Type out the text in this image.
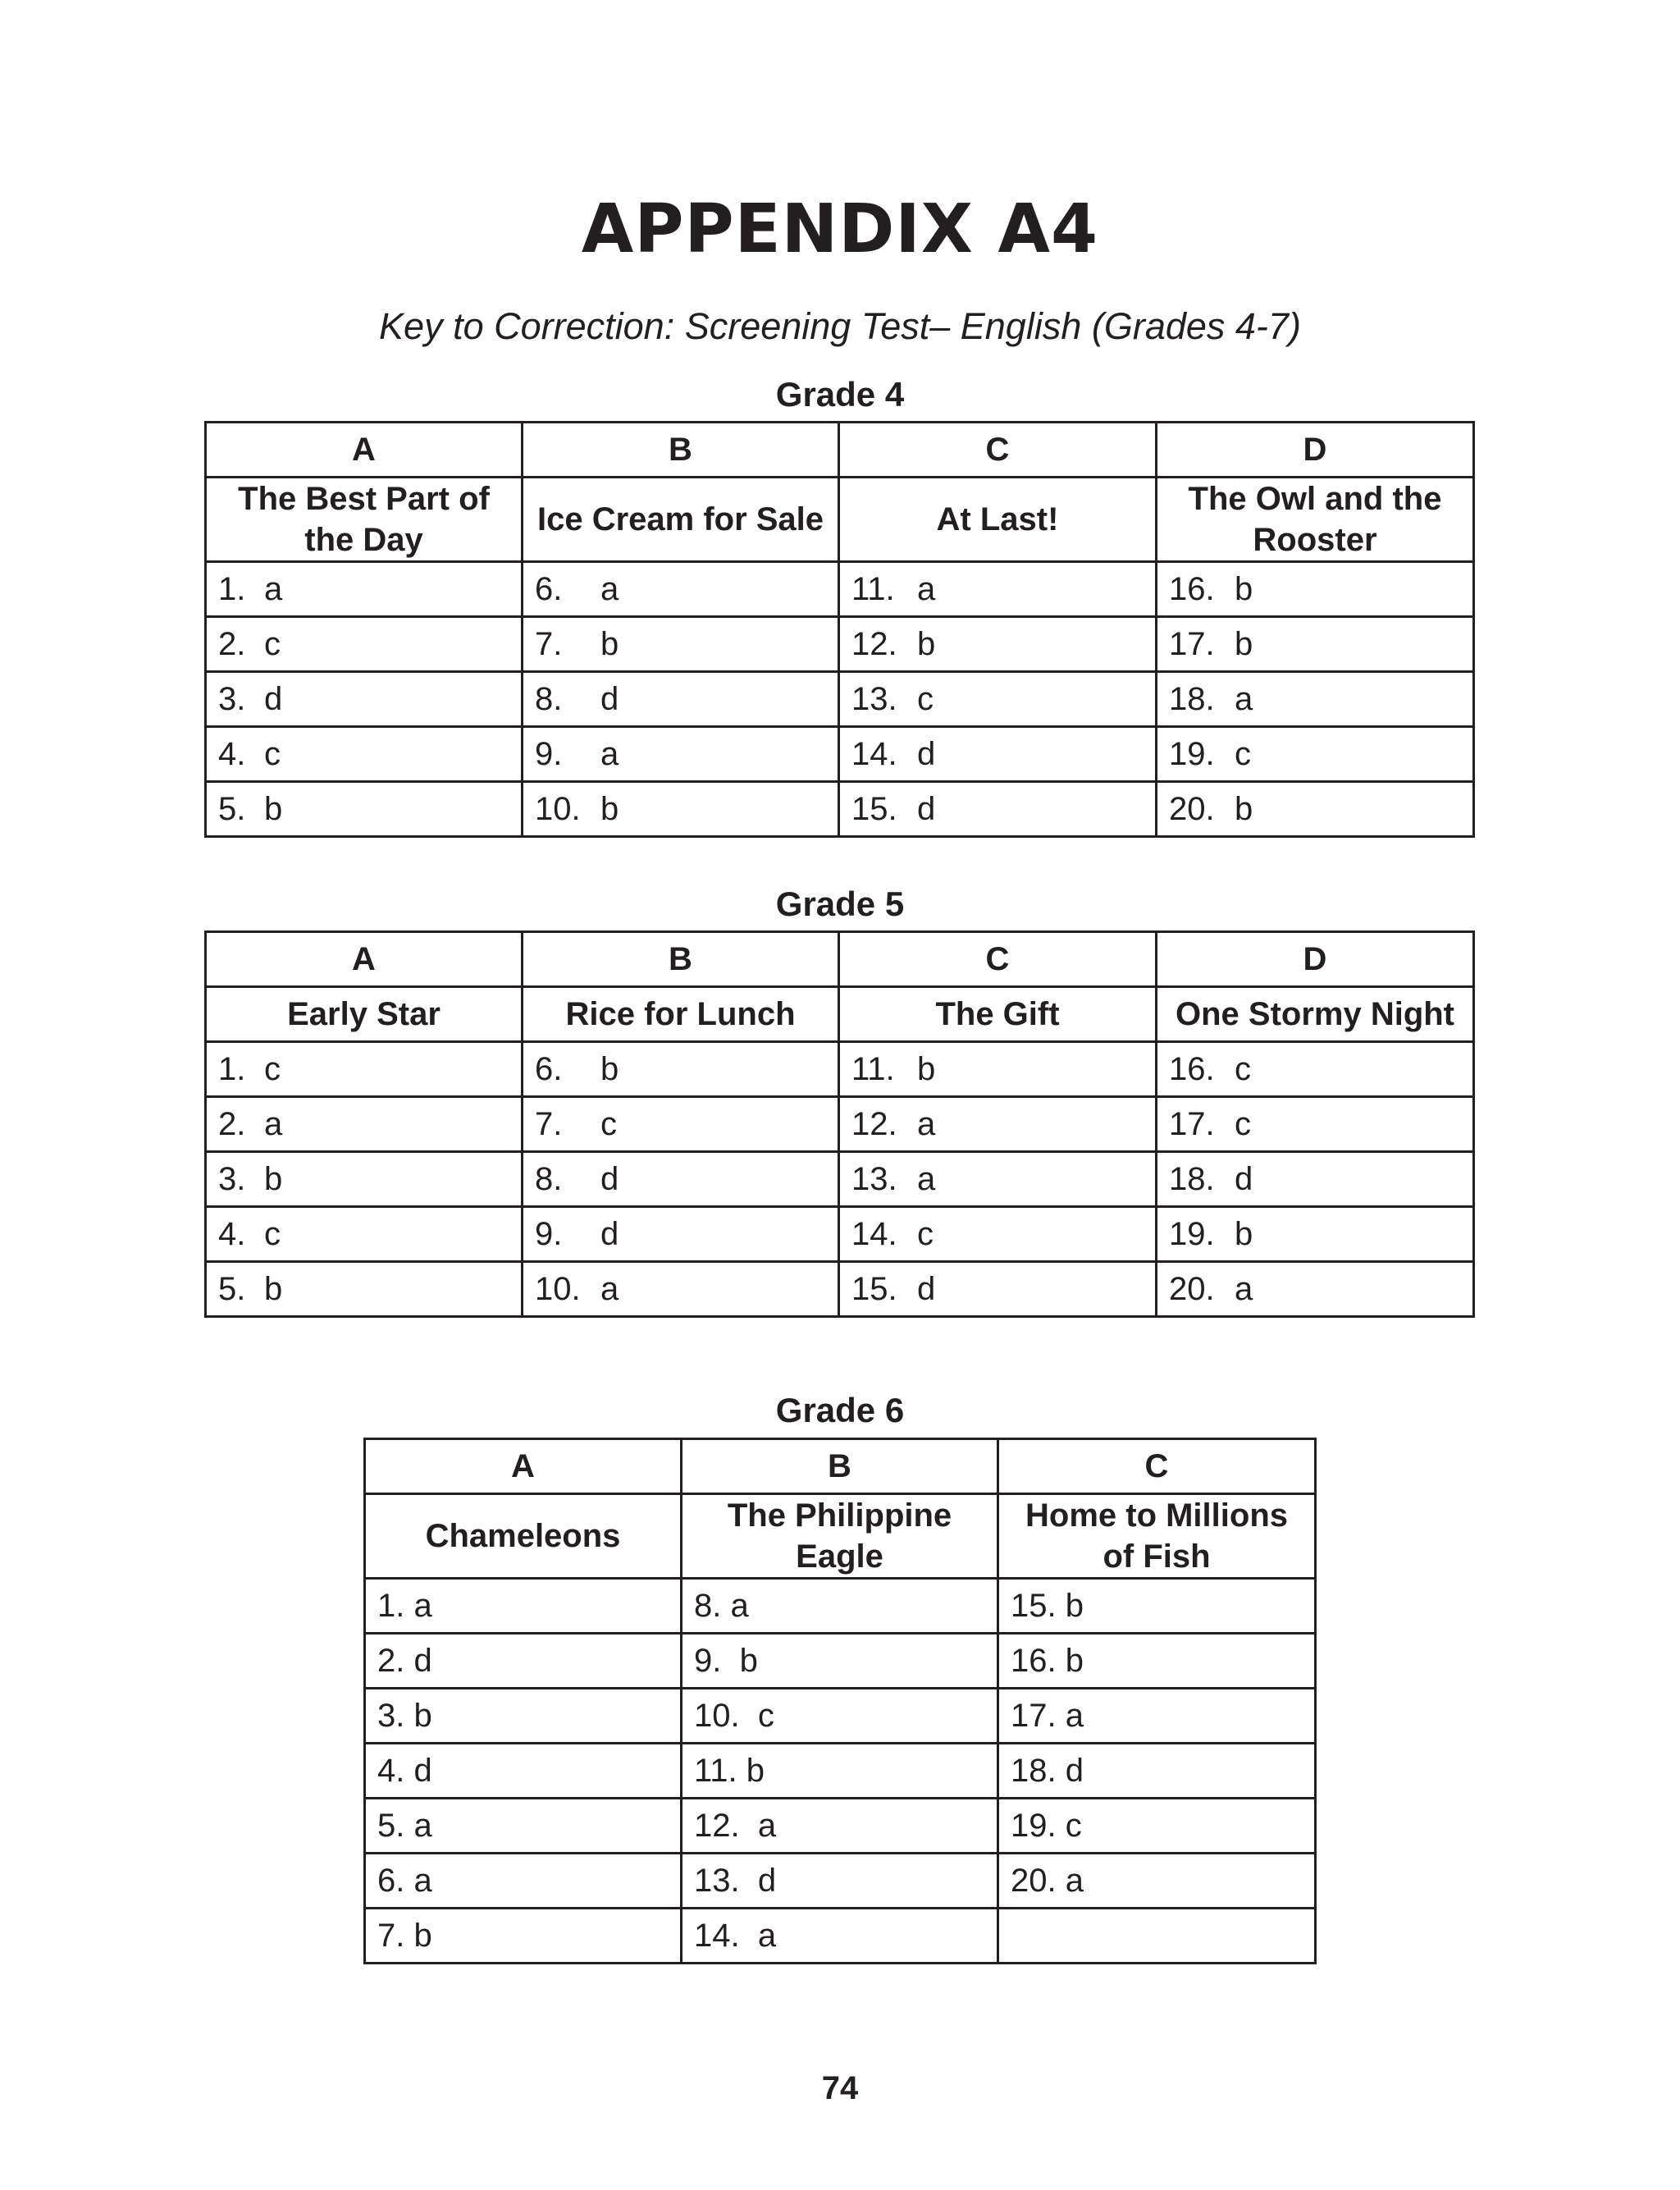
APPENDIX A4

Key to Correction: Screening Test– English (Grades 4-7)

Grade 4
A	B	C	D
The Best Part of the Day	Ice Cream for Sale	At Last!	The Owl and the Rooster
1. a	6. a	11. a	16. b
2. c	7. b	12. b	17. b
3. d	8. d	13. c	18. a
4. c	9. a	14. d	19. c
5. b	10. b	15. d	20. b
Grade 5
A	B	C	D
Early Star	Rice for Lunch	The Gift	One Stormy Night
1. c	6. b	11. b	16. c
2. a	7. c	12. a	17. c
3. b	8. d	13. a	18. d
4. c	9. d	14. c	19. b
5. b	10. a	15. d	20. a
Grade 6
A	B	C
Chameleons	The Philippine Eagle	Home to Millions of Fish
1. a	8. a	15. b
2. d	9.  b	16. b
3. b	10.  c	17. a
4. d	11. b	18. d
5. a	12.  a	19. c
6. a	13.  d	20. a
7. b	14.  a	

74
